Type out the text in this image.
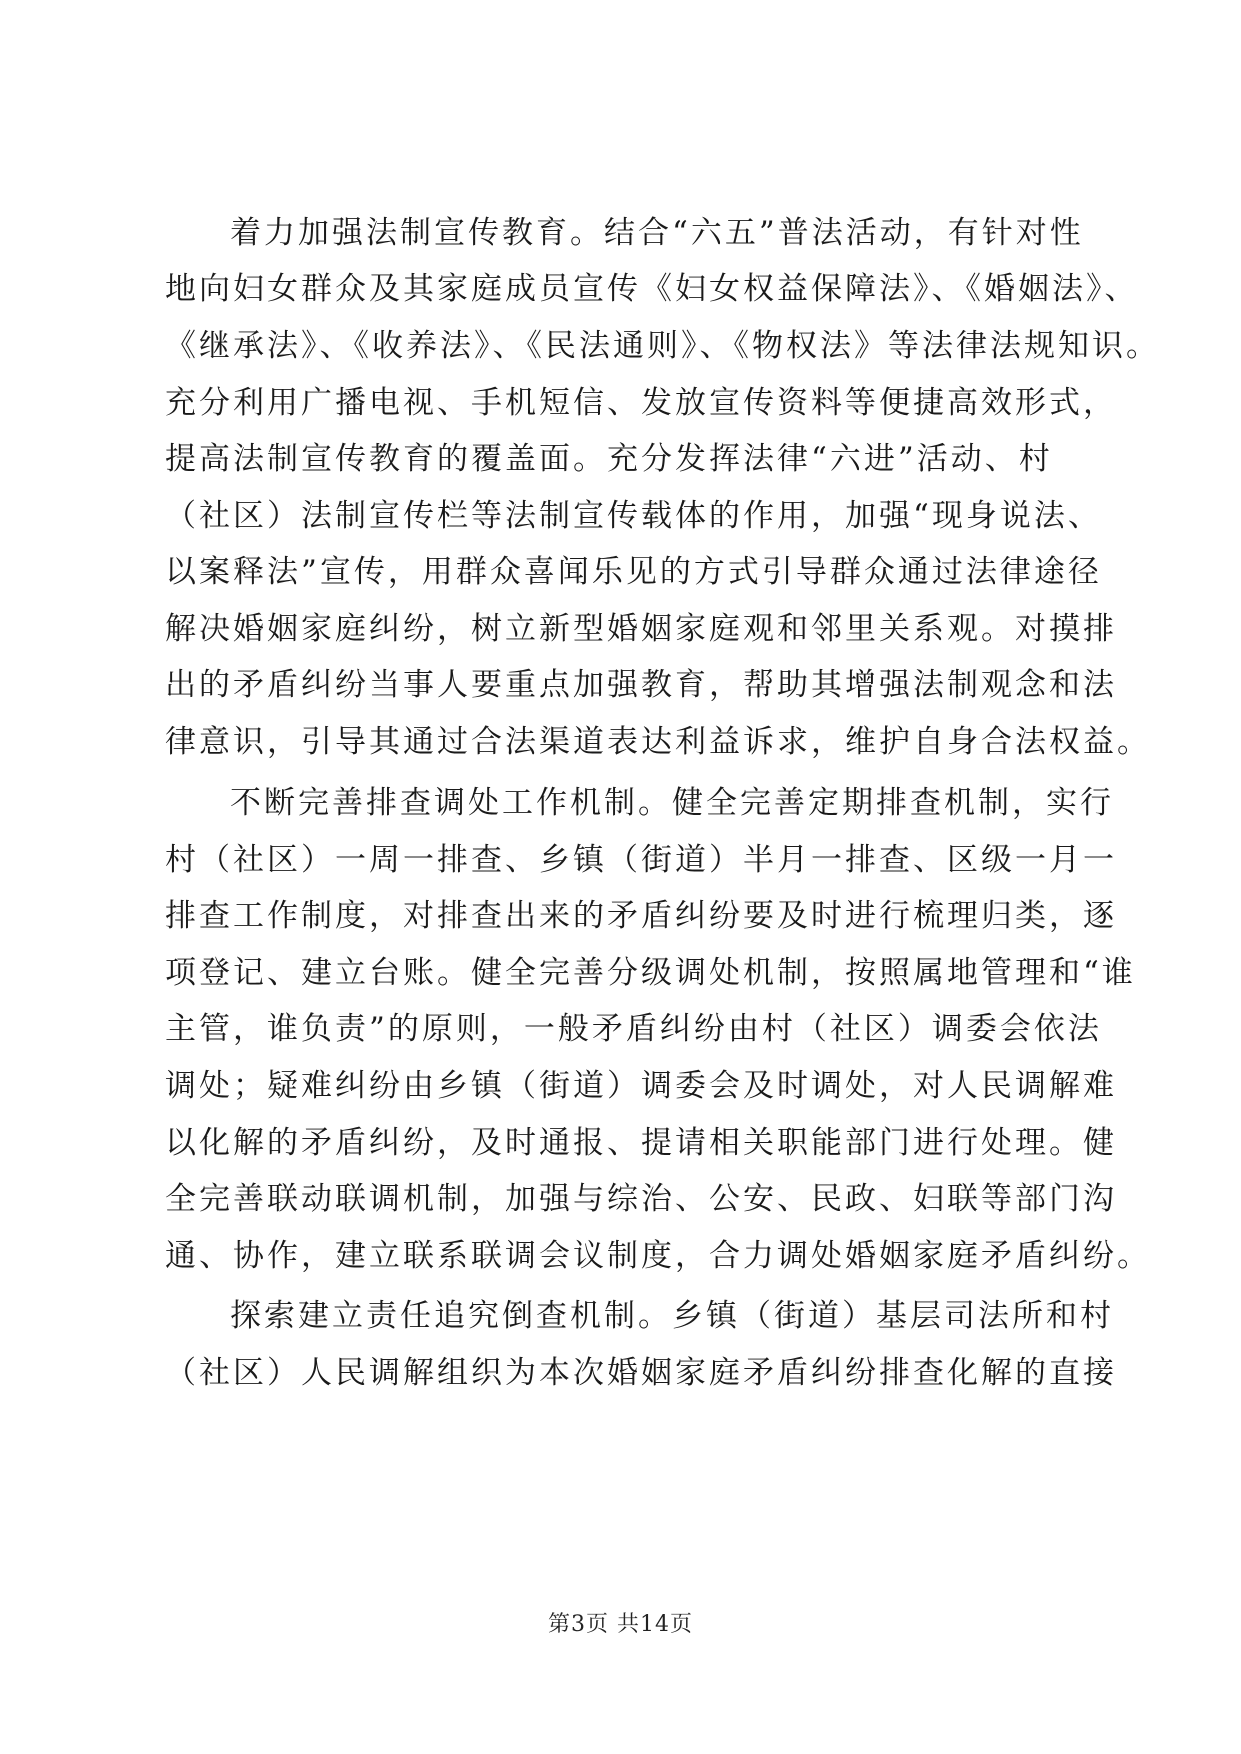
着力加强法制宣传教育。结合“六五”普法活动，有针对性
地向妇女群众及其家庭成员宣传《妇女权益保障法》、《婚姻法》、
《继承法》、《收养法》、《民法通则》、《物权法》等法律法规知识。
充分利用广播电视、手机短信、发放宣传资料等便捷高效形式，
提高法制宣传教育的覆盖面。充分发挥法律“六进”活动、村
（社区）法制宣传栏等法制宣传载体的作用，加强“现身说法、
以案释法”宣传，用群众喜闻乐见的方式引导群众通过法律途径
解决婚姻家庭纠纷，树立新型婚姻家庭观和邻里关系观。对摸排
出的矛盾纠纷当事人要重点加强教育，帮助其增强法制观念和法
律意识，引导其通过合法渠道表达利益诉求，维护自身合法权益。
不断完善排查调处工作机制。健全完善定期排查机制，实行
村（社区）一周一排查、乡镇（街道）半月一排查、区级一月一
排查工作制度，对排查出来的矛盾纠纷要及时进行梳理归类，逐
项登记、建立台账。健全完善分级调处机制，按照属地管理和“谁
主管，谁负责”的原则，一般矛盾纠纷由村（社区）调委会依法
调处；疑难纠纷由乡镇（街道）调委会及时调处，对人民调解难
以化解的矛盾纠纷，及时通报、提请相关职能部门进行处理。健
全完善联动联调机制，加强与综治、公安、民政、妇联等部门沟
通、协作，建立联系联调会议制度，合力调处婚姻家庭矛盾纠纷。
探索建立责任追究倒查机制。乡镇（街道）基层司法所和村
（社区）人民调解组织为本次婚姻家庭矛盾纠纷排查化解的直接
第3页 共14页
